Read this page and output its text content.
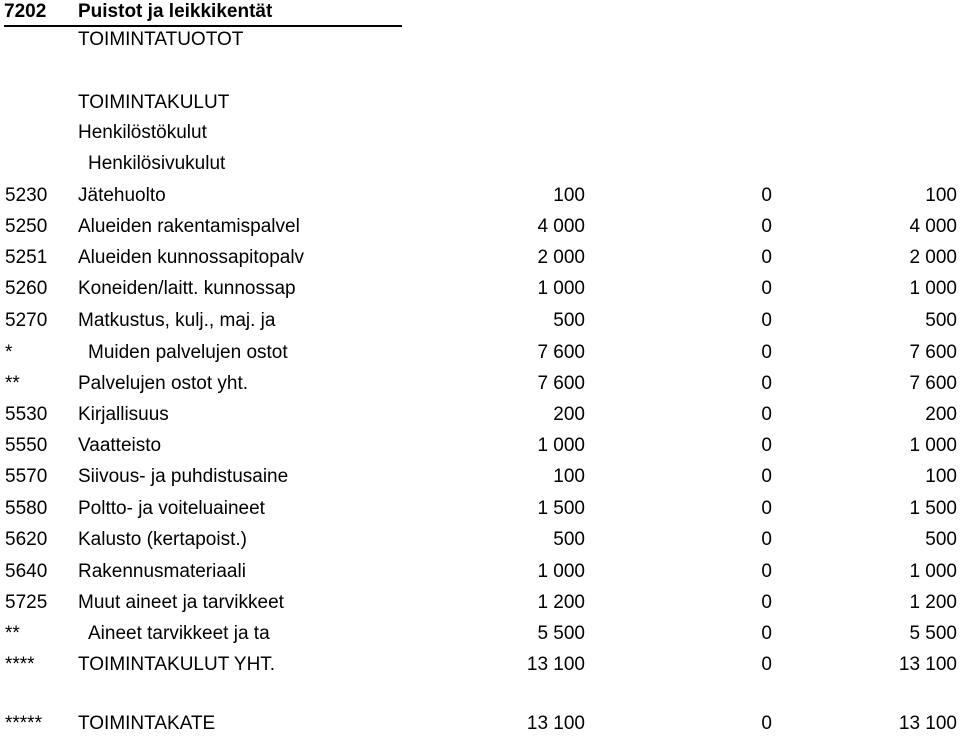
7202 Puistot ja leikkikentät
TOIMINTATUOTOT
TOIMINTAKULUT
Henkilöstökulut
Henkilösivukulut
5230 Jätehuolto	100	0	100
5250 Alueiden rakentamispalvel	4 000	0	4 000
5251 Alueiden kunnossapitopalv	2 000	0	2 000
5260 Koneiden/laitt. kunnossap	1 000	0	1 000
5270 Matkustus, kulj., maj. ja	500	0	500
*	Muiden palvelujen ostot	7 600	0	7 600
**	Palvelujen ostot yht.	7 600	0	7 600
5530 Kirjallisuus	200	0	200
5550 Vaatteisto	1 000	0	1 000
5570 Siivous- ja puhdistusaine	100	0	100
5580 Poltto- ja voiteluaineet	1 500	0	1 500
5620 Kalusto (kertapoist.)	500	0	500
5640 Rakennusmateriaali	1 000	0	1 000
5725 Muut aineet ja tarvikkeet	1 200	0	1 200
**	Aineet tarvikkeet ja ta	5 500	0	5 500
**** TOIMINTAKULUT YHT.	13 100	0	13 100
***** TOIMINTAKATE	13 100	0	13 100
